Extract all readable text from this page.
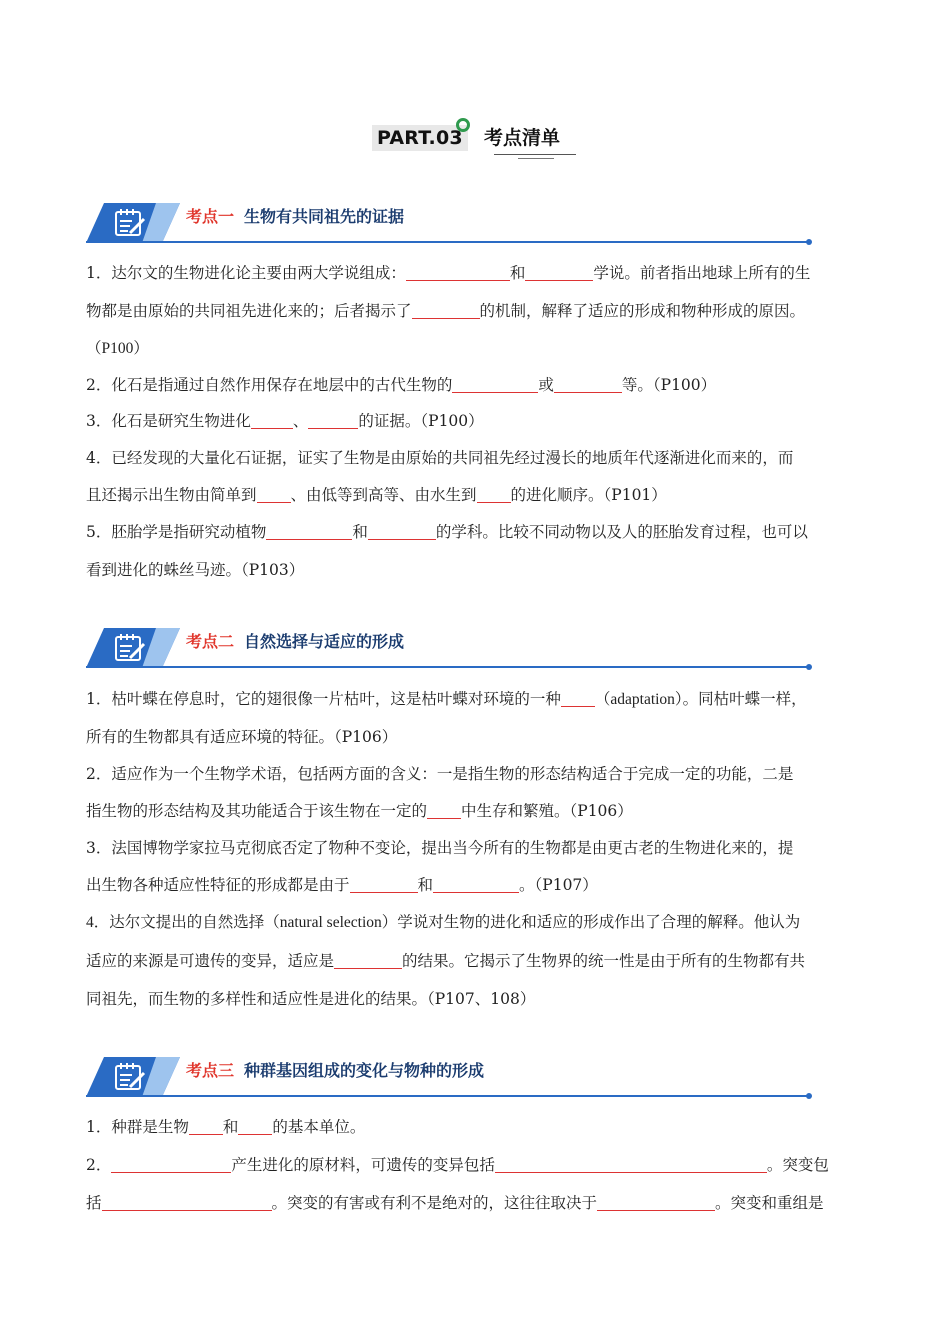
PART.03 考点清单
考点一 生物有共同祖先的证据

1．达尔文的生物进化论主要由两大学说组成：	和	学说。前者指出地球上所有的生

物都是由原始的共同祖先进化来的；后者揭示了	的机制，解释了适应的形成和物种形成的原因。

（P100）

2．化石是指通过自然作用保存在地层中的古代生物的	或	等。（P100）

3．化石是研究生物进化	、	的证据。（P100）

4．已经发现的大量化石证据，证实了生物是由原始的共同祖先经过漫长的地质年代逐渐进化而来的，而

且还揭示出生物由简单到 、由低等到高等、由水生到 的进化顺序。（P101）

5．胚胎学是指研究动植物	和	的学科。比较不同动物以及人的胚胎发育过程，也可以

看到进化的蛛丝马迹。（P103）

考点二 自然选择与适应的形成

1．枯叶蝶在停息时，它的翅很像一片枯叶，这是枯叶蝶对环境的一种 （adaptation）。同枯叶蝶一样，

所有的生物都具有适应环境的特征。（P106）

2．适应作为一个生物学术语，包括两方面的含义：一是指生物的形态结构适合于完成一定的功能，二是

指生物的形态结构及其功能适合于该生物在一定的 中生存和繁殖。（P106）

3．法国博物学家拉马克彻底否定了物种不变论，提出当今所有的生物都是由更古老的生物进化来的，提

出生物各种适应性特征的形成都是由于	和	。（P107）

4．达尔文提出的自然选择（natural selection）学说对生物的进化和适应的形成作出了合理的解释。他认为

适应的来源是可遗传的变异，适应是	的结果。它揭示了生物界的统一性是由于所有的生物都有共

同祖先，而生物的多样性和适应性是进化的结果。（P107、108）

考点三 种群基因组成的变化与物种的形成

1．种群是生物 和 的基本单位。

2．	产生进化的原材料，可遗传的变异包括	。突变包

括	。突变的有害或有利不是绝对的，这往往取决于	。突变和重组是
